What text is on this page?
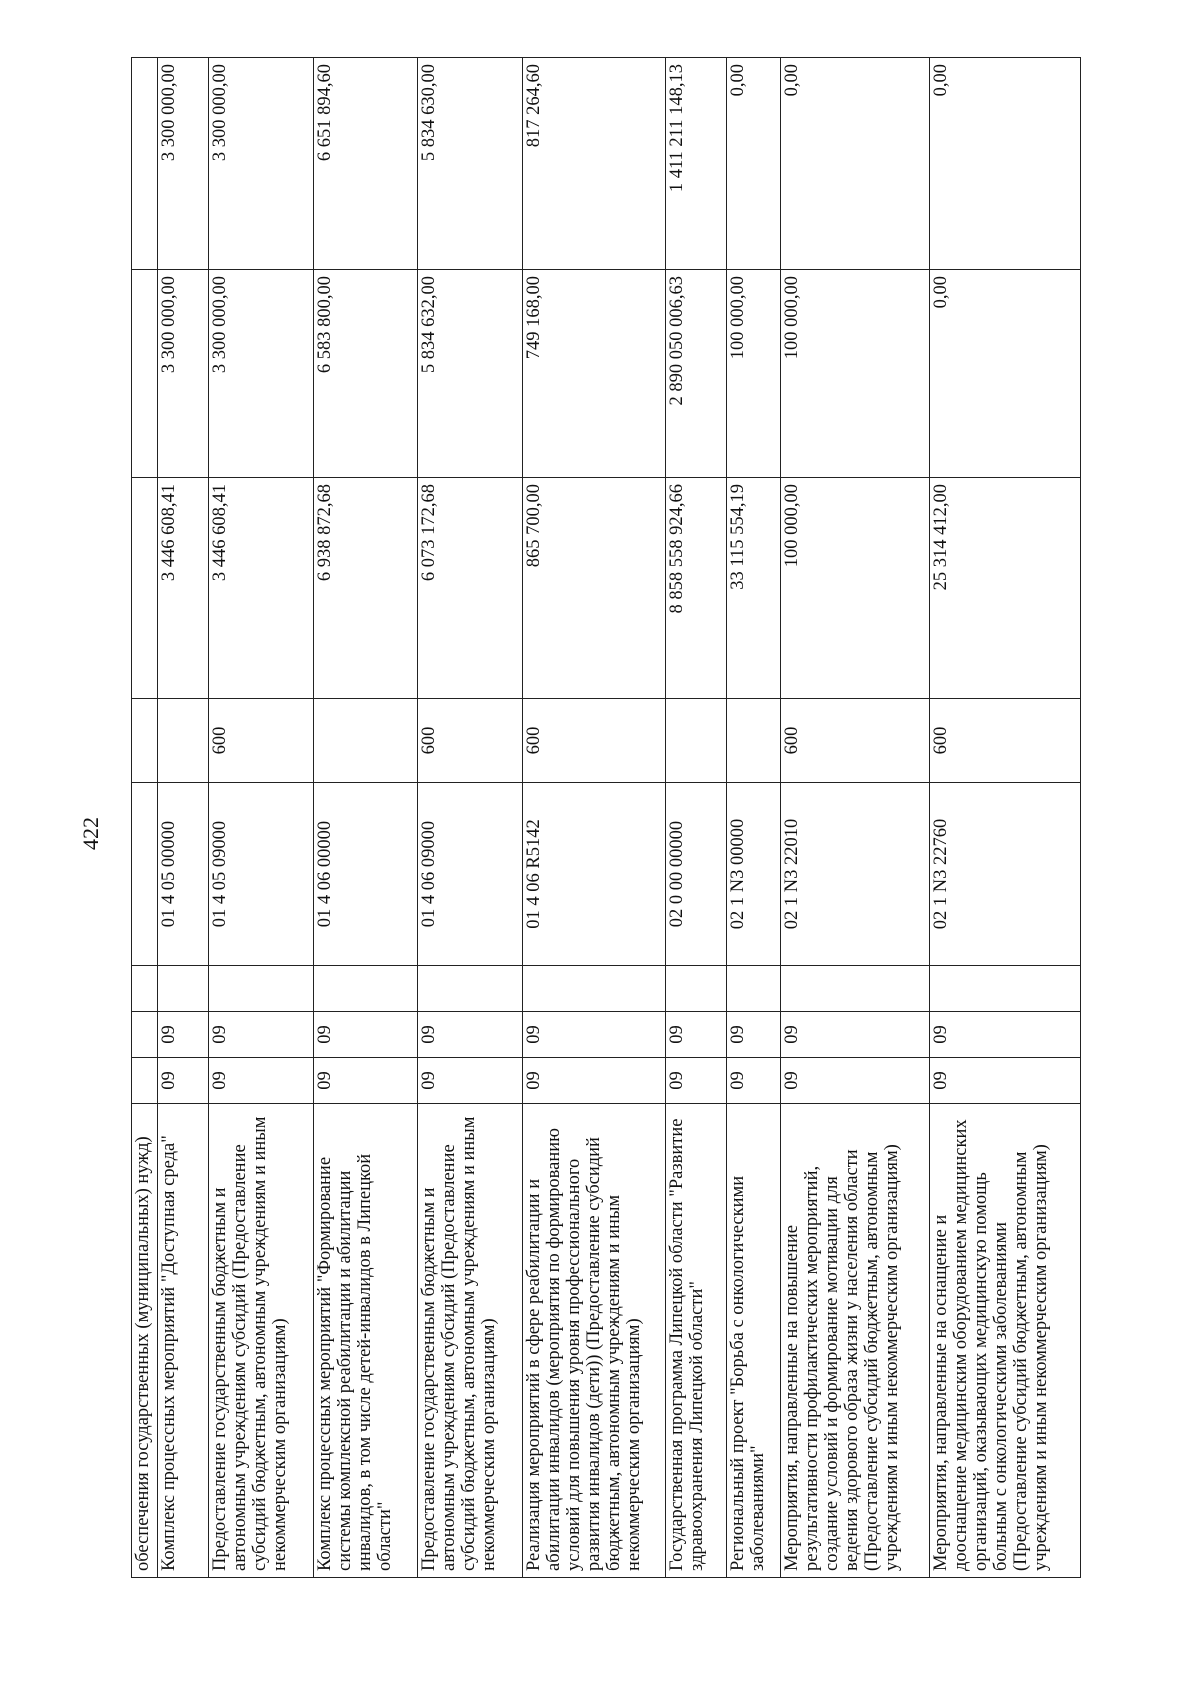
422
обеспечения государственных (муниципальных) нужд)								
Комплекс процессных мероприятий "Доступная среда"	09	09		01 4 05 00000		3 446 608,41	3 300 000,00	3 300 000,00
Предоставление государственным бюджетным и автономным учреждениям субсидий (Предоставление субсидий бюджетным, автономным учреждениям и иным некоммерческим организациям)	09	09		01 4 05 09000	600	3 446 608,41	3 300 000,00	3 300 000,00
Комплекс процессных мероприятий "Формирование системы комплексной реабилитации и абилитации инвалидов, в том числе детей-инвалидов в Липецкой области"	09	09		01 4 06 00000		6 938 872,68	6 583 800,00	6 651 894,60
Предоставление государственным бюджетным и автономным учреждениям субсидий (Предоставление субсидий бюджетным, автономным учреждениям и иным некоммерческим организациям)	09	09		01 4 06 09000	600	6 073 172,68	5 834 632,00	5 834 630,00
Реализация мероприятий в сфере реабилитации и абилитации инвалидов (мероприятия по формированию условий для повышения уровня профессионального развития инвалидов (дети)) (Предоставление субсидий бюджетным, автономным учреждениям и иным некоммерческим организациям)	09	09		01 4 06 R5142	600	865 700,00	749 168,00	817 264,60
Государственная программа Липецкой области "Развитие здравоохранения Липецкой области"	09	09		02 0 00 00000		8 858 558 924,66	2 890 050 006,63	1 411 211 148,13
Региональный проект "Борьба с онкологическими заболеваниями"	09	09		02 1 N3 00000		33 115 554,19	100 000,00	0,00
Мероприятия, направленные на повышение результативности профилактических мероприятий, создание условий и формирование мотивации для ведения здорового образа жизни у населения области (Предоставление субсидий бюджетным, автономным учреждениям и иным некоммерческим организациям)	09	09		02 1 N3 22010	600	100 000,00	100 000,00	0,00
Мероприятия, направленные на оснащение и дооснащение медицинским оборудованием медицинских организаций, оказывающих медицинскую помощь больным с онкологическими заболеваниями (Предоставление субсидий бюджетным, автономным учреждениям и иным некоммерческим организациям)	09	09		02 1 N3 22760	600	25 314 412,00	0,00	0,00
